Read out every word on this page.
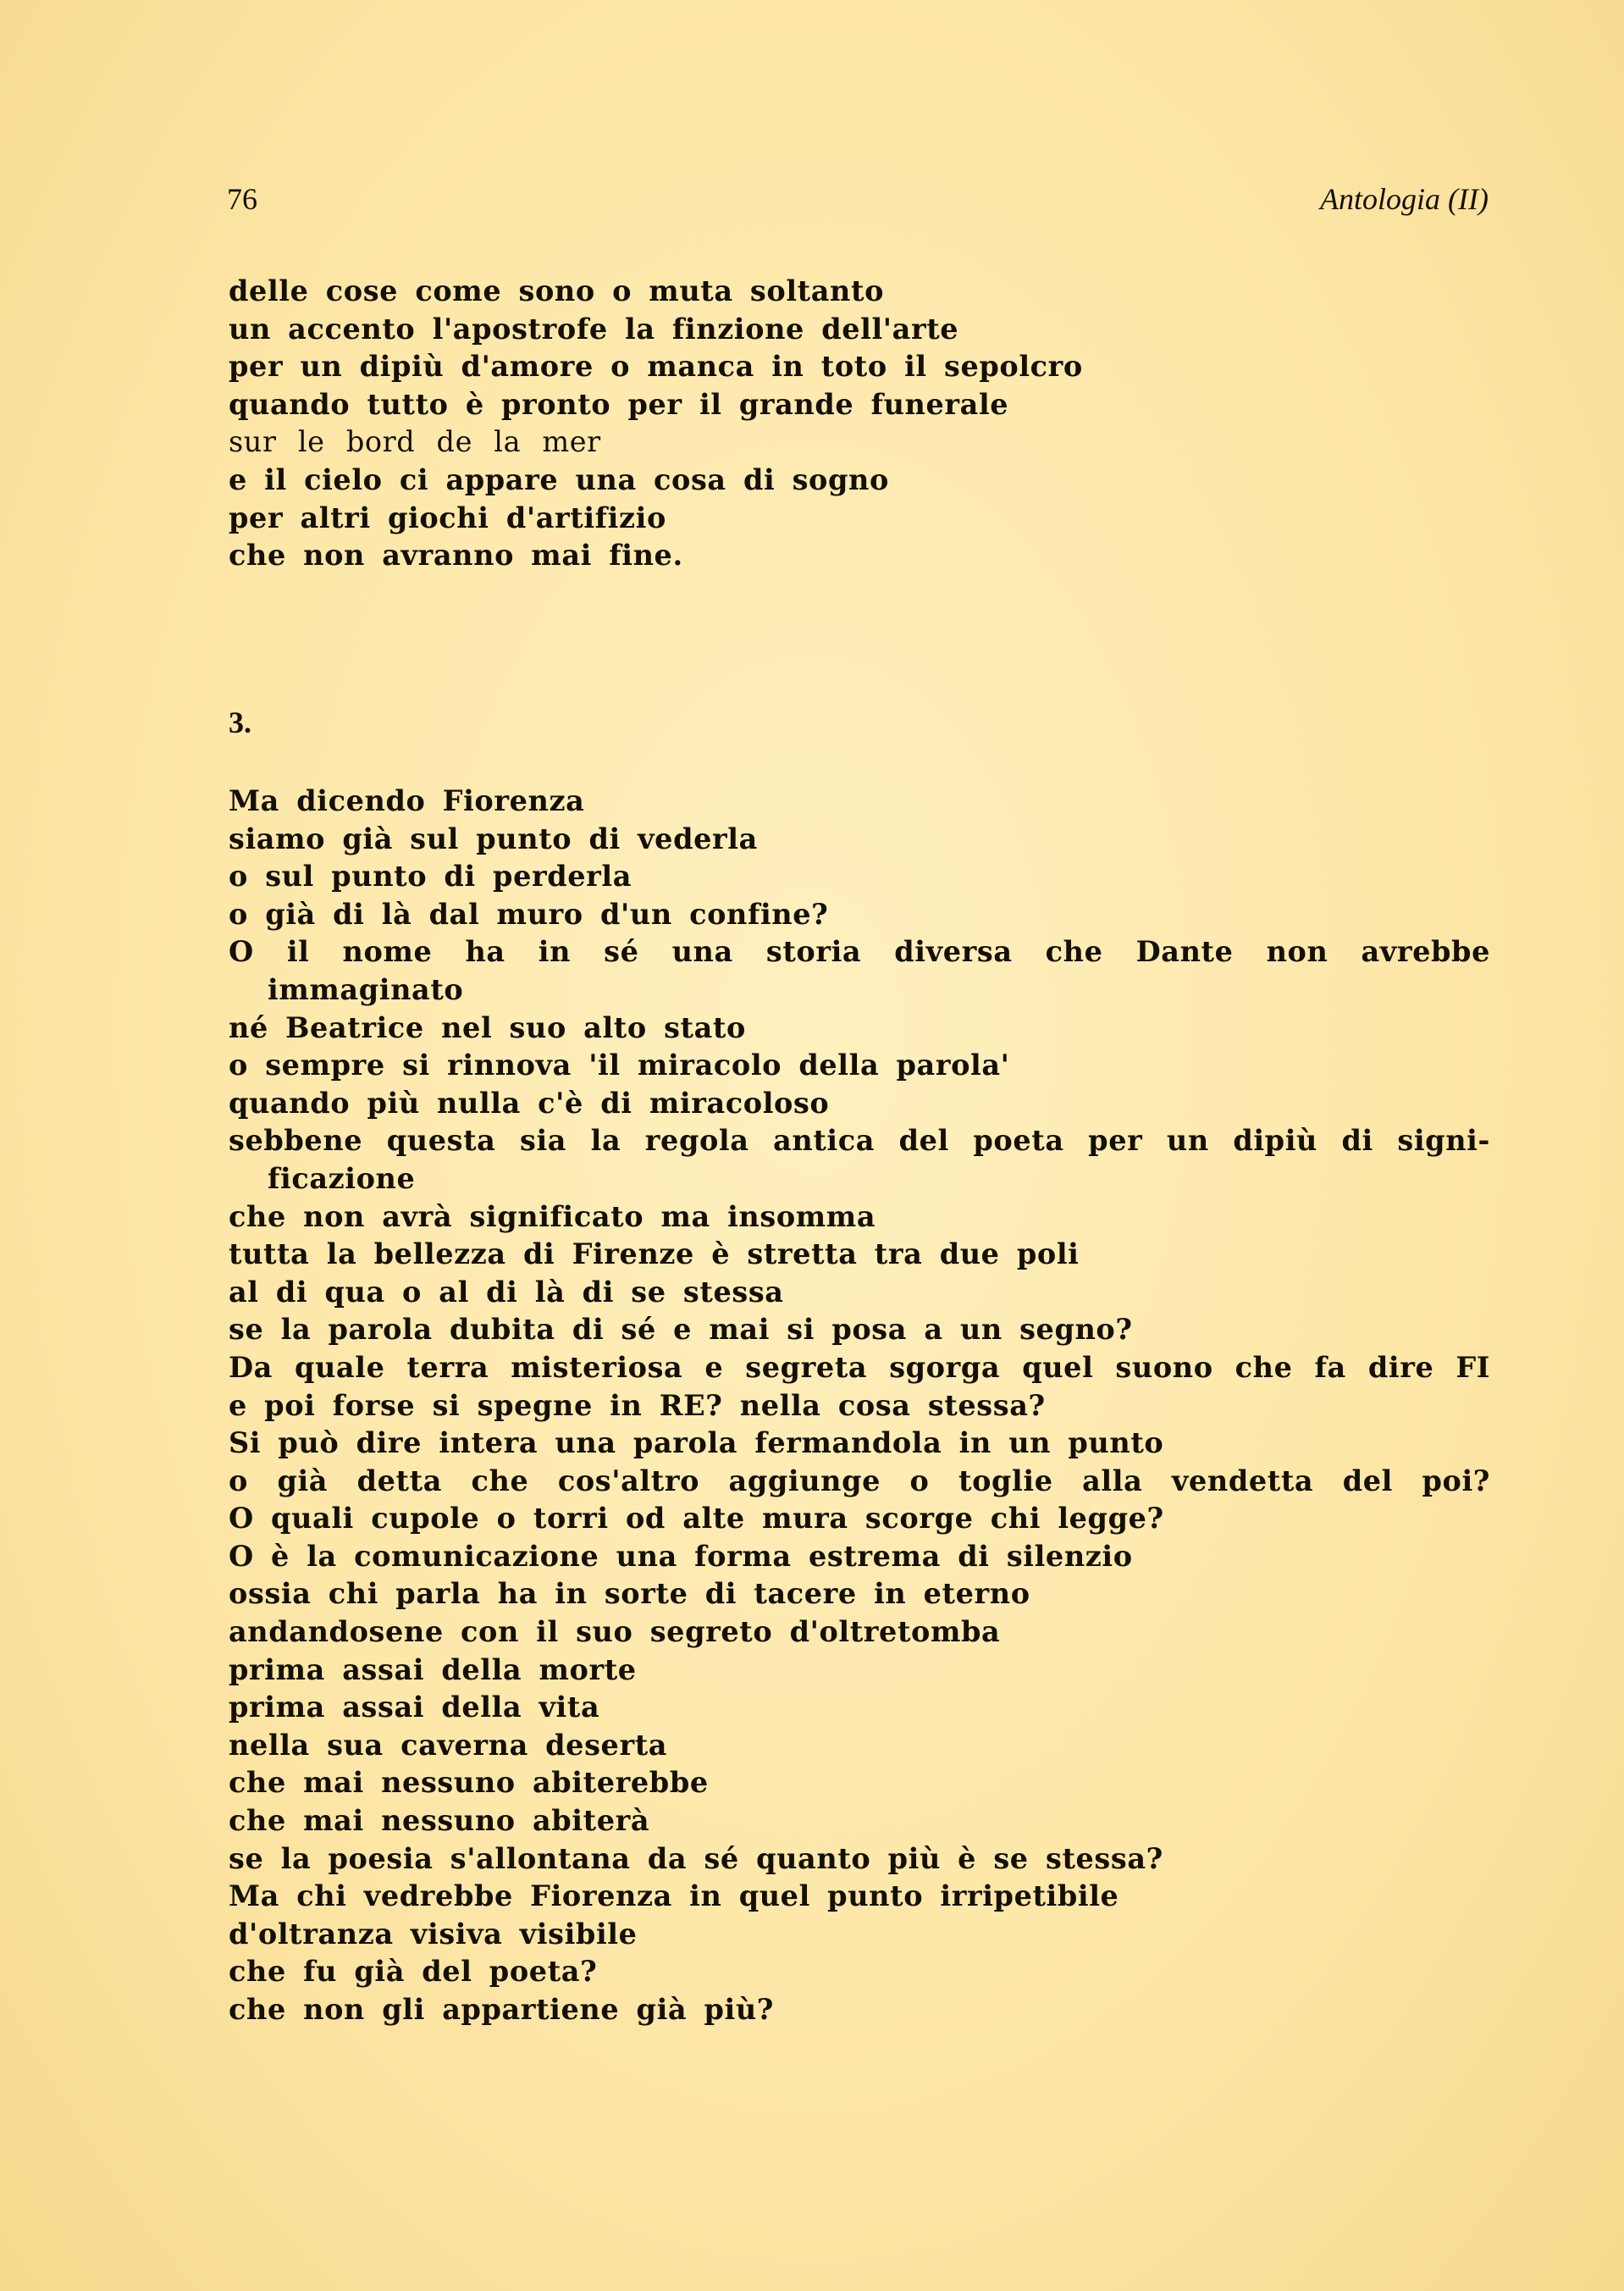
76	Antologia (II)
delle cose come sono o muta soltanto
un accento l'apostrofe la finzione dell'arte
per un dipiù d'amore o manca in toto il sepolcro
quando tutto è pronto per il grande funerale
sur le bord de la mer
e il cielo ci appare una cosa di sogno
per altri giochi d'artifizio
che non avranno mai fine.
3.
Ma dicendo Fiorenza
siamo già sul punto di vederla
o sul punto di perderla
o già di là dal muro d'un confine?
O il nome ha in sé una storia diversa che Dante non avrebbe
immaginato
né Beatrice nel suo alto stato
o sempre si rinnova 'il miracolo della parola'
quando più nulla c'è di miracoloso
sebbene questa sia la regola antica del poeta per un dipiù di signi-
ficazione
che non avrà significato ma insomma
tutta la bellezza di Firenze è stretta tra due poli
al di qua o al di là di se stessa
se la parola dubita di sé e mai si posa a un segno?
Da quale terra misteriosa e segreta sgorga quel suono che fa dire FI
e poi forse si spegne in RE? nella cosa stessa?
Si può dire intera una parola fermandola in un punto
o già detta che cos'altro aggiunge o toglie alla vendetta del poi?
O quali cupole o torri od alte mura scorge chi legge?
O è la comunicazione una forma estrema di silenzio
ossia chi parla ha in sorte di tacere in eterno
andandosene con il suo segreto d'oltretomba
prima assai della morte
prima assai della vita
nella sua caverna deserta
che mai nessuno abiterebbe
che mai nessuno abiterà
se la poesia s'allontana da sé quanto più è se stessa?
Ma chi vedrebbe Fiorenza in quel punto irripetibile
d'oltranza visiva visibile
che fu già del poeta?
che non gli appartiene già più?
